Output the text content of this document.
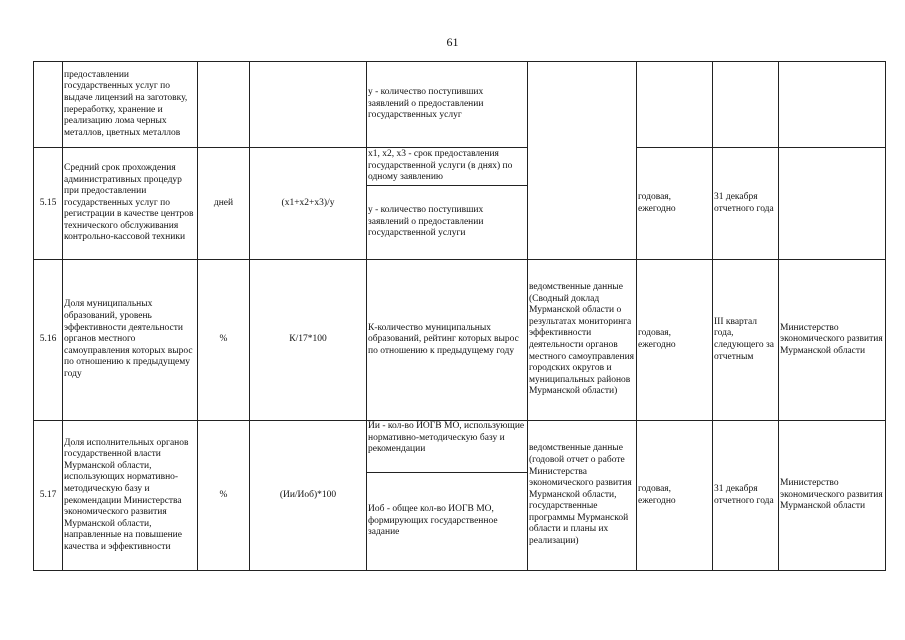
61
	предоставлении государственных услуг по выдаче лицензий на заготовку, переработку, хранение и реализацию лома черных металлов, цветных металлов			у - количество поступивших заявлений о предоставлении государственных услуг				
5.15	Средний срок прохождения административных процедур при предоставлении государственных услуг по регистрации в качестве центров технического обслуживания контрольно-кассовой техники	дней	(x1+x2+x3)/y	x1, x2, x3 - срок предоставления государственной услуги (в днях) по одному заявлению		годовая, ежегодно	31 декабря отчетного года	
				у - количество поступивших заявлений о предоставлении государственной услуги				
5.16	Доля муниципальных образований, уровень эффективности деятельности органов местного самоуправления которых вырос по отношению к предыдущему году	%	К/17*100	К-количество муниципальных образований, рейтинг которых вырос по отношению к предыдущему году	ведомственные данные (Сводный доклад Мурманской области о результатах мониторинга эффективности деятельности органов местного самоуправления городских округов и муниципальных районов Мурманской области)	годовая, ежегодно	III квартал года, следующего за отчетным	Министерство экономического развития Мурманской области
5.17	Доля исполнительных органов государственной власти Мурманской области, использующих нормативно-методическую базу и рекомендации Министерства экономического развития Мурманской области, направленные на повышение качества и эффективности	%	(Ии/Иоб)*100	Ии - кол-во ИОГВ МО, использующие нормативно-методическую базу и рекомендации	ведомственные данные (годовой отчет о работе Министерства экономического развития Мурманской области, государственные программы Мурманской области и планы их реализации)	годовая, ежегодно	31 декабря отчетного года	Министерство экономического развития Мурманской области
				Иоб - общее кол-во ИОГВ МО, формирующих государственное задание				
